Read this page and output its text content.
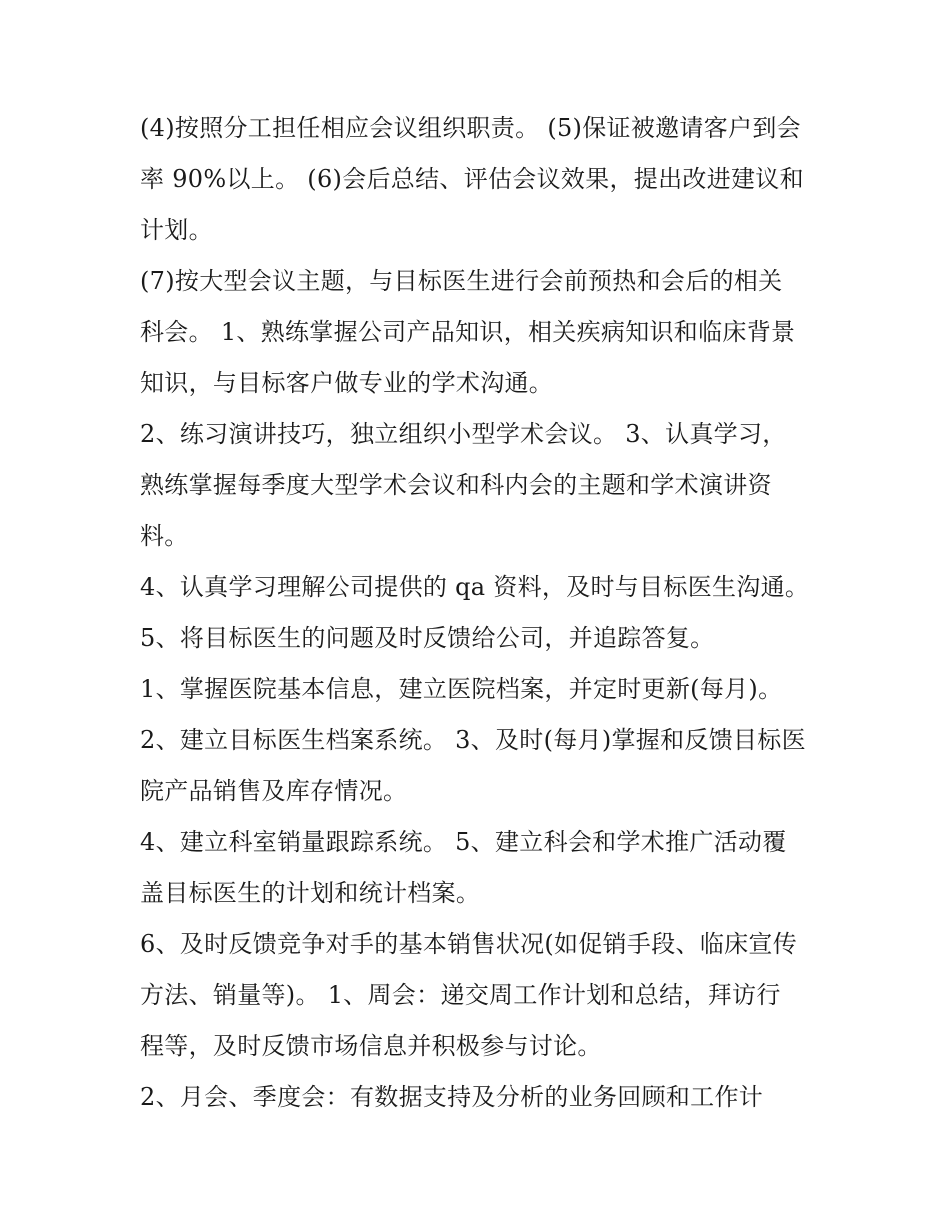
(4)按照分工担任相应会议组织职责。 (5)保证被邀请客户到会
率 90%以上。 (6)会后总结、评估会议效果，提出改进建议和
计划。
(7)按大型会议主题，与目标医生进行会前预热和会后的相关
科会。 1、熟练掌握公司产品知识，相关疾病知识和临床背景
知识，与目标客户做专业的学术沟通。
2、练习演讲技巧，独立组织小型学术会议。 3、认真学习，
熟练掌握每季度大型学术会议和科内会的主题和学术演讲资
料。
4、认真学习理解公司提供的 qa 资料，及时与目标医生沟通。
5、将目标医生的问题及时反馈给公司，并追踪答复。
1、掌握医院基本信息，建立医院档案，并定时更新(每月)。
2、建立目标医生档案系统。 3、及时(每月)掌握和反馈目标医
院产品销售及库存情况。
4、建立科室销量跟踪系统。 5、建立科会和学术推广活动覆
盖目标医生的计划和统计档案。
6、及时反馈竞争对手的基本销售状况(如促销手段、临床宣传
方法、销量等)。 1、周会：递交周工作计划和总结，拜访行
程等，及时反馈市场信息并积极参与讨论。
2、月会、季度会：有数据支持及分析的业务回顾和工作计
